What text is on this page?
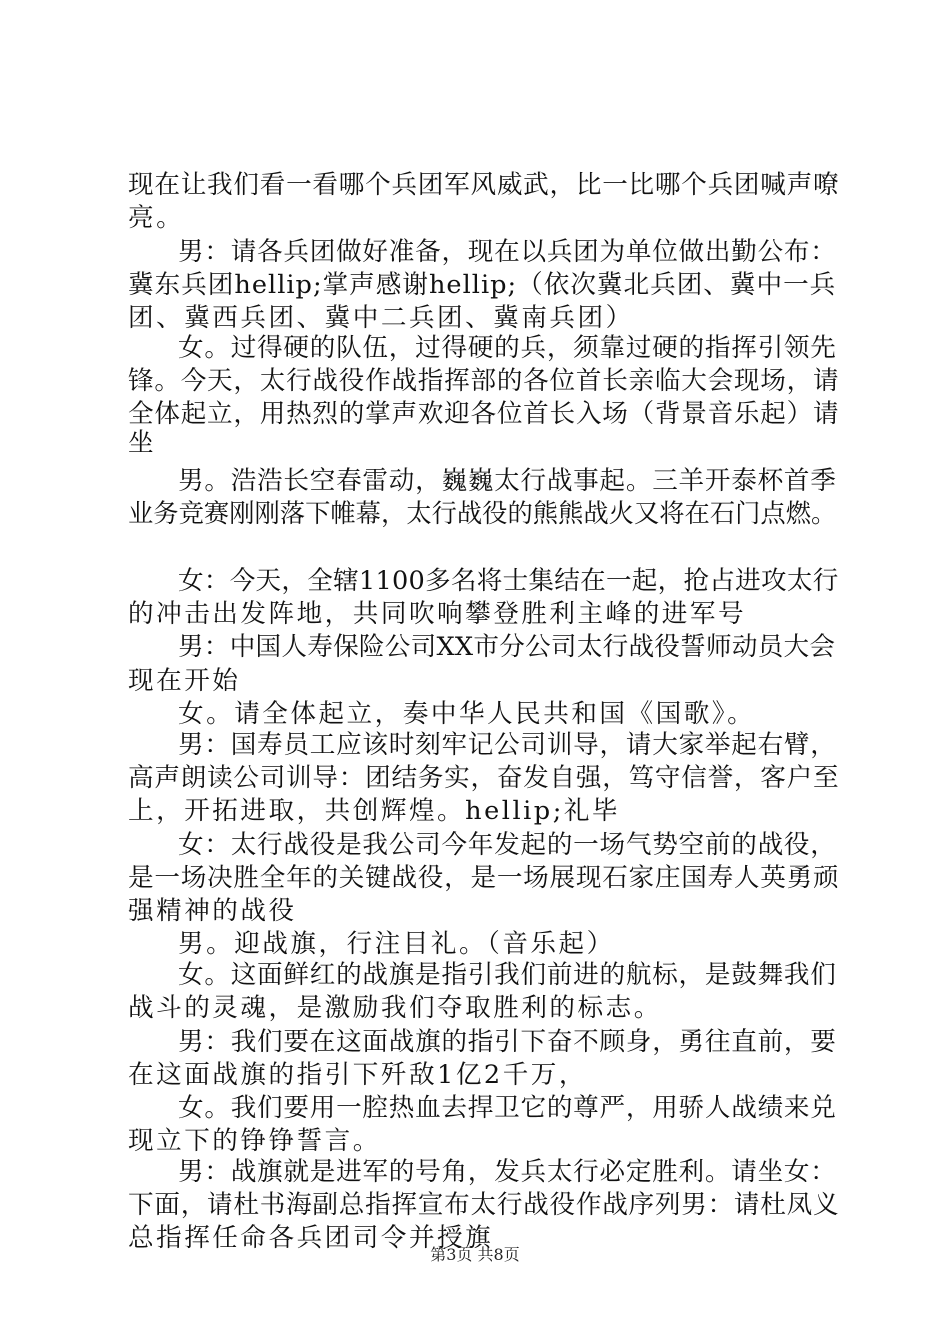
现在让我们看一看哪个兵团军风威武，比一比哪个兵团喊声嘹
亮。
男：请各兵团做好准备，现在以兵团为单位做出勤公布：
冀东兵团hellip;掌声感谢hellip;（依次冀北兵团、冀中一兵
团、冀西兵团、冀中二兵团、冀南兵团）
女。过得硬的队伍，过得硬的兵，须靠过硬的指挥引领先
锋。今天，太行战役作战指挥部的各位首长亲临大会现场，请
全体起立，用热烈的掌声欢迎各位首长入场（背景音乐起）请
坐
男。浩浩长空春雷动，巍巍太行战事起。三羊开泰杯首季
业务竞赛刚刚落下帷幕，太行战役的熊熊战火又将在石门点燃。
女：今天，全辖1100多名将士集结在一起，抢占进攻太行
的冲击出发阵地，共同吹响攀登胜利主峰的进军号
男：中国人寿保险公司XX市分公司太行战役誓师动员大会
现在开始
女。请全体起立，奏中华人民共和国《国歌》。
男：国寿员工应该时刻牢记公司训导，请大家举起右臂，
高声朗读公司训导：团结务实，奋发自强，笃守信誉，客户至
上，开拓进取，共创辉煌。hellip;礼毕
女：太行战役是我公司今年发起的一场气势空前的战役，
是一场决胜全年的关键战役，是一场展现石家庄国寿人英勇顽
强精神的战役
男。迎战旗，行注目礼。（音乐起）
女。这面鲜红的战旗是指引我们前进的航标，是鼓舞我们
战斗的灵魂，是激励我们夺取胜利的标志。
男：我们要在这面战旗的指引下奋不顾身，勇往直前，要
在这面战旗的指引下歼敌1亿2千万，
女。我们要用一腔热血去捍卫它的尊严，用骄人战绩来兑
现立下的铮铮誓言。
男：战旗就是进军的号角，发兵太行必定胜利。请坐女：
下面，请杜书海副总指挥宣布太行战役作战序列男：请杜凤义
总指挥任命各兵团司令并授旗
第3页 共8页
